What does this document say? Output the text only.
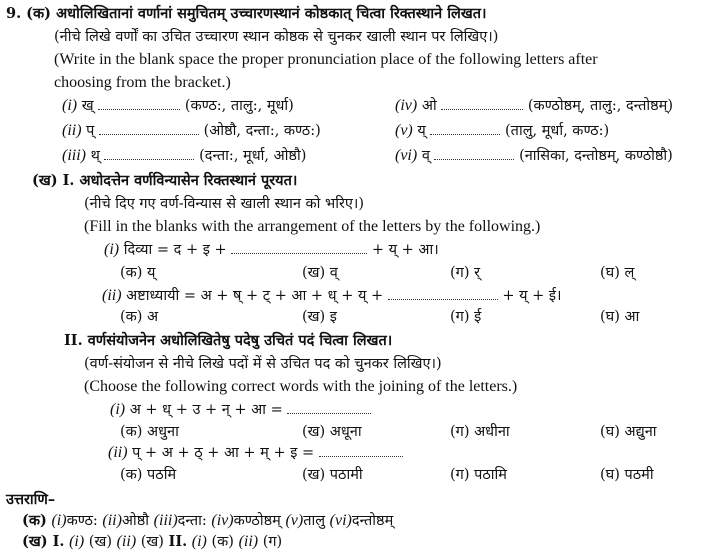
9. (क) अधोलिखितानां वर्णानां समुचितम् उच्चारणस्थानं कोष्ठकात् चित्वा रिक्तस्थाने लिखत।
(नीचे लिखे वर्णों का उचित उच्चारण स्थान कोष्ठक से चुनकर खाली स्थान पर लिखिए।)
(Write in the blank space the proper pronunciation place of the following letters after
choosing from the bracket.)
(i) ख्	(कण्ठ:, तालु:, मूर्धा)	(iv) ओ	(कण्ठोष्ठम्, तालु:, दन्तोष्ठम्)
(ii) प्	(ओष्ठौ, दन्ता:, कण्ठ:)	(v) य्	(तालु, मूर्धा, कण्ठ:)
(iii) थ्	(दन्ता:, मूर्धा, ओष्ठौ)	(vi) व्	(नासिका, दन्तोष्ठम्, कण्ठोष्ठौ)
(ख) I. अधोदत्तेन वर्णविन्यासेन रिक्तस्थानं पूरयत।
(नीचे दिए गए वर्ण-विन्यास से खाली स्थान को भरिए।)
(Fill in the blanks with the arrangement of the letters by the following.)
(i) दिव्या = द + इ +	+ य् + आ।
(क) य्	(ख) व्	(ग) र्	(घ) ल्
(ii) अष्टाध्यायी = अ + ष् + ट् + आ + ध् + य् +	+ य् + ई।
(क) अ	(ख) इ	(ग) ई	(घ) आ
II. वर्णसंयोजनेन अधोलिखितेषु पदेषु उचितं पदं चित्वा लिखत।
(वर्ण-संयोजन से नीचे लिखे पदों में से उचित पद को चुनकर लिखिए।)
(Choose the following correct words with the joining of the letters.)
(i) अ + ध् + उ + न् + आ =
(क) अधुना	(ख) अधूना	(ग) अधीना	(घ) अद्युना
(ii) प् + अ + ठ् + आ + म् + इ =
(क) पठमि	(ख) पठामी	(ग) पठामि	(घ) पठमी
उत्तराणि–
(क) (i)कण्ठ: (ii)ओष्ठौ (iii)दन्ता: (iv)कण्ठोष्ठम् (v)तालु (vi)दन्तोष्ठम्
(ख) I. (i) (ख) (ii) (ख) II. (i) (क) (ii) (ग)
